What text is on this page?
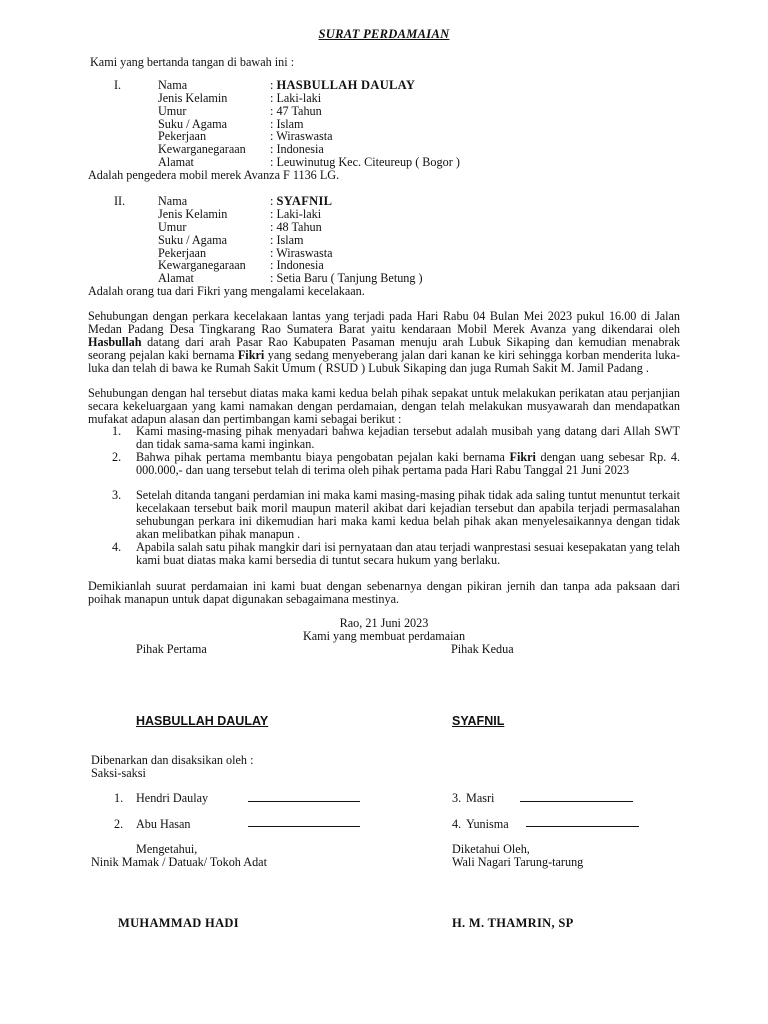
SURAT PERDAMAIAN
Kami yang bertanda tangan di bawah ini :
I.	Nama	: HASBULLAH DAULAY
Jenis Kelamin	: Laki-laki
Umur	: 47 Tahun
Suku / Agama	: Islam
Pekerjaan	: Wiraswasta
Kewarganegaraan : Indonesia
Alamat	: Leuwinutug Kec. Citeureup ( Bogor )
Adalah pengedera mobil merek Avanza F 1136 LG.
II.	Nama	: SYAFNIL
Jenis Kelamin	: Laki-laki
Umur	: 48 Tahun
Suku / Agama	: Islam
Pekerjaan	: Wiraswasta
Kewarganegaraan : Indonesia
Alamat	: Setia Baru ( Tanjung Betung )
Adalah orang tua dari Fikri yang mengalami kecelakaan.
Sehubungan dengan perkara kecelakaan lantas yang terjadi pada Hari Rabu 04 Bulan Mei 2023 pukul 16.00 di Jalan Medan Padang Desa Tingkarang Rao Sumatera Barat yaitu kendaraan Mobil Merek Avanza yang dikendarai oleh Hasbullah datang dari arah Pasar Rao Kabupaten Pasaman menuju arah Lubuk Sikaping dan kemudian menabrak seorang pejalan kaki bernama Fikri yang sedang menyeberang jalan dari kanan ke kiri sehingga korban menderita luka-luka dan telah di bawa ke Rumah Sakit Umum ( RSUD ) Lubuk Sikaping dan juga Rumah Sakit M. Jamil Padang .
Sehubungan dengan hal tersebut diatas maka kami kedua belah pihak sepakat untuk melakukan perikatan atau perjanjian secara kekeluargaan yang kami namakan dengan perdamaian, dengan telah melakukan musyawarah dan mendapatkan mufakat adapun alasan dan pertimbangan kami sebagai berikut :
1. Kami masing-masing pihak menyadari bahwa kejadian tersebut adalah musibah yang datang dari Allah SWT dan tidak sama-sama kami inginkan.
2. Bahwa pihak pertama membantu biaya pengobatan pejalan kaki bernama Fikri dengan uang sebesar Rp. 4. 000.000,- dan uang tersebut telah di terima oleh pihak pertama pada Hari Rabu Tanggal 21 Juni 2023
3. Setelah ditanda tangani perdamian ini maka kami masing-masing pihak tidak ada saling tuntut menuntut terkait kecelakaan tersebut baik moril maupun materil akibat dari kejadian tersebut dan apabila terjadi permasalahan sehubungan perkara ini dikemudian hari maka kami kedua belah pihak akan menyelesaikannya dengan tidak akan melibatkan pihak manapun .
4. Apabila salah satu pihak mangkir dari isi pernyataan dan atau terjadi wanprestasi sesuai kesepakatan yang telah kami buat diatas maka kami bersedia di tuntut secara hukum yang berlaku.
Demikianlah suurat perdamaian ini kami buat dengan sebenarnya dengan pikiran jernih dan tanpa ada paksaan dari poihak manapun untuk dapat digunakan sebagaimana mestinya.
Rao, 21 Juni 2023
Kami yang membuat perdamaian
Pihak Pertama	Pihak Kedua
HASBULLAH DAULAY	SYAFNIL
Dibenarkan dan disaksikan oleh :
Saksi-saksi
1. Hendri Daulay
2. Abu Hasan
3. Masri
4. Yunisma
Mengetahui,
Ninik Mamak / Datuak/ Tokoh Adat
Diketahui Oleh,
Wali Nagari Tarung-tarung
MUHAMMAD HADI	H. M. THAMRIN, SP
